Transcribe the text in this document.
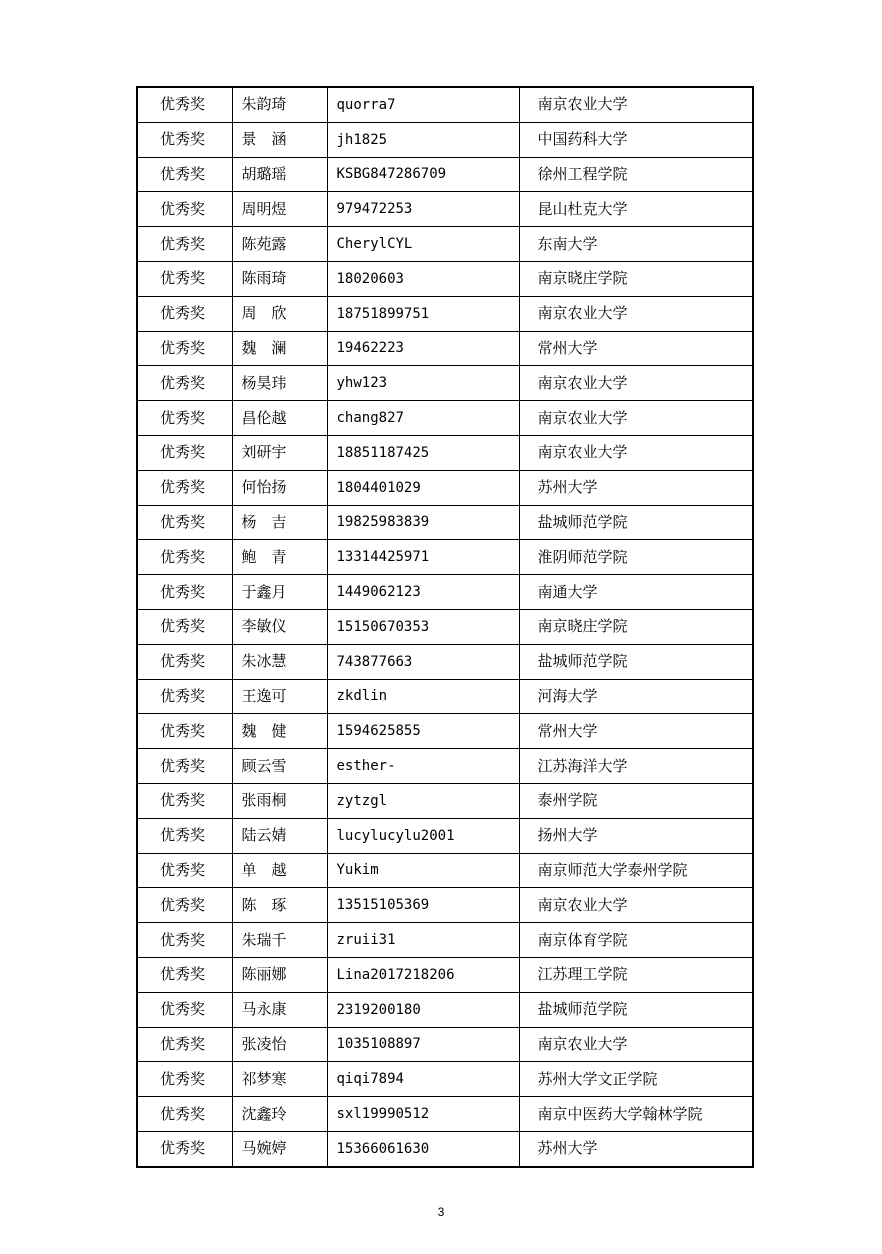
优秀奖	朱韵琦	quorra7	南京农业大学
优秀奖	景　涵	jh1825	中国药科大学
优秀奖	胡璐瑶	KSBG847286709	徐州工程学院
优秀奖	周明煜	979472253	昆山杜克大学
优秀奖	陈苑露	CherylCYL	东南大学
优秀奖	陈雨琦	18020603	南京晓庄学院
优秀奖	周　欣	18751899751	南京农业大学
优秀奖	魏　澜	19462223	常州大学
优秀奖	杨昊玮	yhw123	南京农业大学
优秀奖	昌伦越	chang827	南京农业大学
优秀奖	刘研宇	18851187425	南京农业大学
优秀奖	何怡扬	1804401029	苏州大学
优秀奖	杨　吉	19825983839	盐城师范学院
优秀奖	鲍　青	13314425971	淮阴师范学院
优秀奖	于鑫月	1449062123	南通大学
优秀奖	李敏仪	15150670353	南京晓庄学院
优秀奖	朱冰慧	743877663	盐城师范学院
优秀奖	王逸可	zkdlin	河海大学
优秀奖	魏　健	1594625855	常州大学
优秀奖	顾云雪	esther-	江苏海洋大学
优秀奖	张雨桐	zytzgl	泰州学院
优秀奖	陆云婧	lucylucylu2001	扬州大学
优秀奖	单　越	Yukim	南京师范大学泰州学院
优秀奖	陈　琢	13515105369	南京农业大学
优秀奖	朱瑞千	zruii31	南京体育学院
优秀奖	陈丽娜	Lina2017218206	江苏理工学院
优秀奖	马永康	2319200180	盐城师范学院
优秀奖	张凌怡	1035108897	南京农业大学
优秀奖	祁梦寒	qiqi7894	苏州大学文正学院
优秀奖	沈鑫玲	sxl19990512	南京中医药大学翰林学院
优秀奖	马婉婷	15366061630	苏州大学
3
